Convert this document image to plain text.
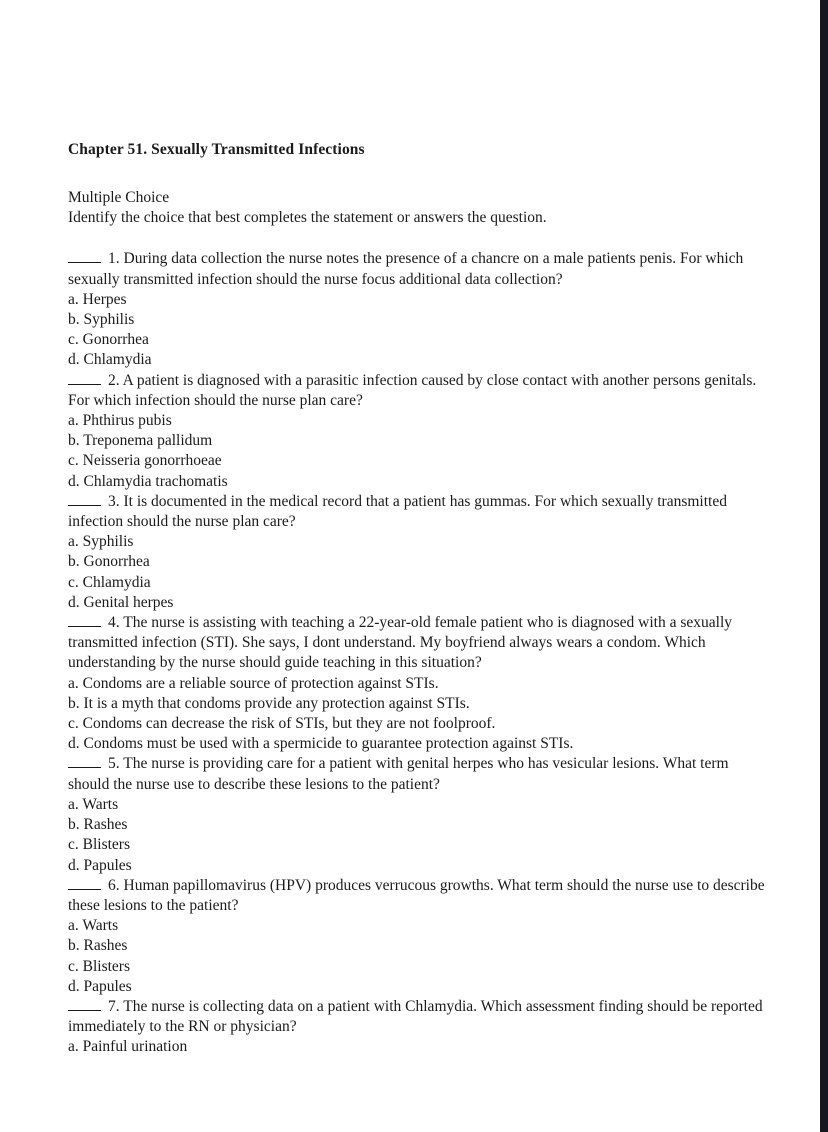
Chapter 51. Sexually Transmitted Infections

Multiple Choice

Identify the choice that best completes the statement or answers the question.

1. During data collection the nurse notes the presence of a chancre on a male patients penis. For which sexually transmitted infection should the nurse focus additional data collection?

a. Herpes

b. Syphilis

c. Gonorrhea

d. Chlamydia

2. A patient is diagnosed with a parasitic infection caused by close contact with another persons genitals. For which infection should the nurse plan care?

a. Phthirus pubis

b. Treponema pallidum

c. Neisseria gonorrhoeae

d. Chlamydia trachomatis

3. It is documented in the medical record that a patient has gummas. For which sexually transmitted infection should the nurse plan care?

a. Syphilis

b. Gonorrhea

c. Chlamydia

d. Genital herpes

4. The nurse is assisting with teaching a 22-year-old female patient who is diagnosed with a sexually transmitted infection (STI). She says, I dont understand. My boyfriend always wears a condom. Which understanding by the nurse should guide teaching in this situation?

a. Condoms are a reliable source of protection against STIs.

b. It is a myth that condoms provide any protection against STIs.

c. Condoms can decrease the risk of STIs, but they are not foolproof.

d. Condoms must be used with a spermicide to guarantee protection against STIs.

5. The nurse is providing care for a patient with genital herpes who has vesicular lesions. What term should the nurse use to describe these lesions to the patient?

a. Warts

b. Rashes

c. Blisters

d. Papules

6. Human papillomavirus (HPV) produces verrucous growths. What term should the nurse use to describe these lesions to the patient?

a. Warts

b. Rashes

c. Blisters

d. Papules

7. The nurse is collecting data on a patient with Chlamydia. Which assessment finding should be reported immediately to the RN or physician?

a. Painful urination
